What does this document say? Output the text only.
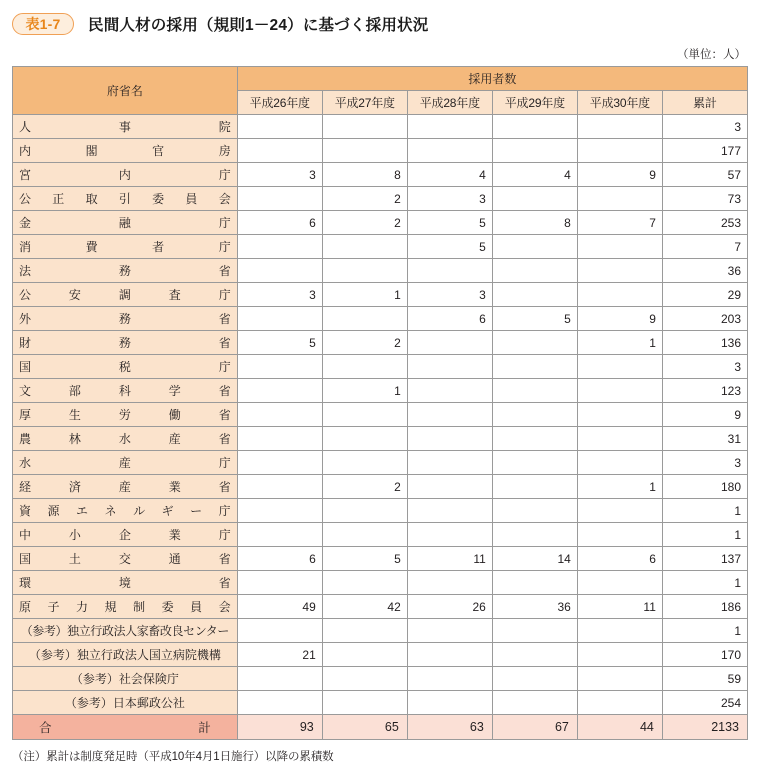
表1-7	民間人材の採用（規則1－24）に基づく採用状況
（単位：人）
府省名	採用者数					
	平成26年度	平成27年度	平成28年度	平成29年度	平成30年度	累計

人 事 院						3

内 閣 官 房						177

宮 内 庁	3	8	4	4	9	57

公 正 取 引 委 員 会		2	3			73

金 融 庁	6	2	5	8	7	253

消 費 者 庁			5			7

法 務 省						36

公 安 調 査 庁	3	1	3			29

外 務 省			6	5	9	203

財 務 省	5	2			1	136

国 税 庁						3

文 部 科 学 省		1				123

厚 生 労 働 省						9

農 林 水 産 省						31

水 産 庁						3

経 済 産 業 省		2			1	180

資 源 エ ネ ル ギ ー 庁						1

中 小 企 業 庁						1

国 土 交 通 省	6	5	11	14	6	137

環 境 省						1

原 子 力 規 制 委 員 会	49	42	26	36	11	186

（参考）独立行政法人家畜改良センター						1

（参考）独立行政法人国立病院機構	21					170

（参考）社会保険庁						59

（参考）日本郵政公社						254

合 計	93	65	63	67	44	2133
（注）累計は制度発足時（平成10年4月1日施行）以降の累積数
